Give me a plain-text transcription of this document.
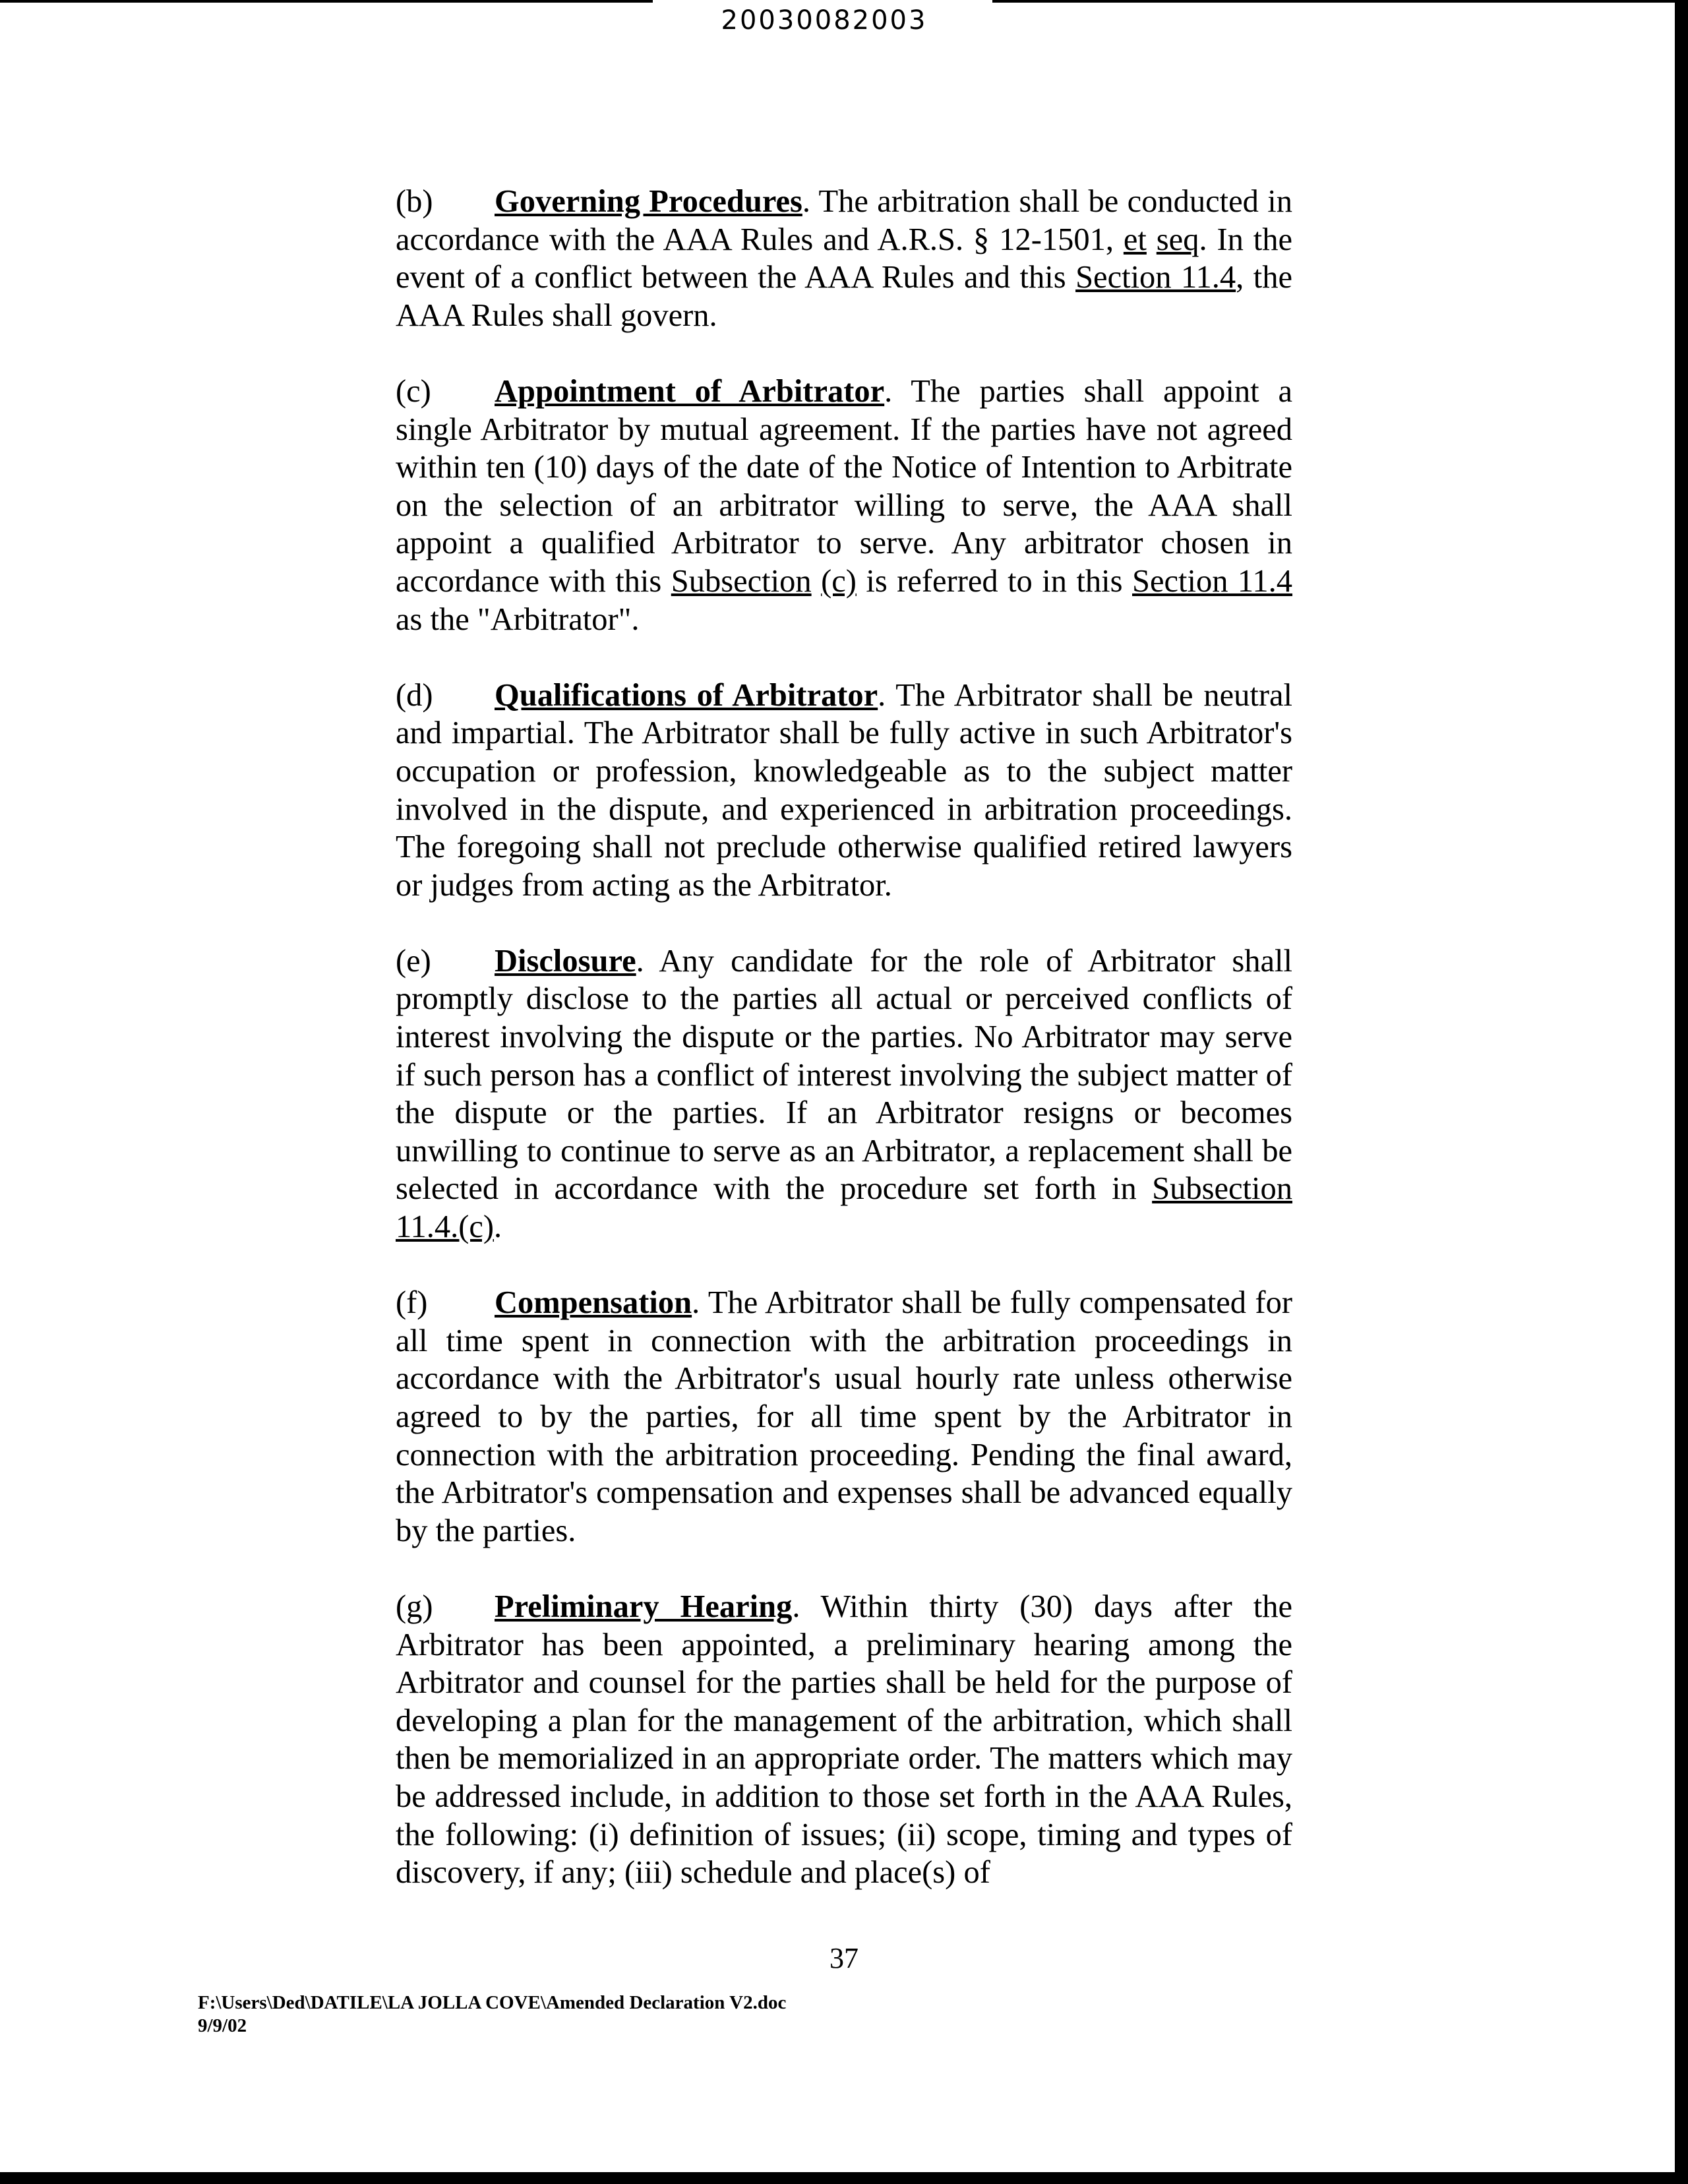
20030082003

(b) Governing Procedures. The arbitration shall be conducted in accordance with the AAA Rules and A.R.S. § 12-1501, et seq. In the event of a conflict between the AAA Rules and this Section 11.4, the AAA Rules shall govern.

(c) Appointment of Arbitrator. The parties shall appoint a single Arbitrator by mutual agreement. If the parties have not agreed within ten (10) days of the date of the Notice of Intention to Arbitrate on the selection of an arbitrator willing to serve, the AAA shall appoint a qualified Arbitrator to serve. Any arbitrator chosen in accordance with this Subsection (c) is referred to in this Section 11.4 as the "Arbitrator".

(d) Qualifications of Arbitrator. The Arbitrator shall be neutral and impartial. The Arbitrator shall be fully active in such Arbitrator's occupation or profession, knowledgeable as to the subject matter involved in the dispute, and experienced in arbitration proceedings. The foregoing shall not preclude otherwise qualified retired lawyers or judges from acting as the Arbitrator.

(e) Disclosure. Any candidate for the role of Arbitrator shall promptly disclose to the parties all actual or perceived conflicts of interest involving the dispute or the parties. No Arbitrator may serve if such person has a conflict of interest involving the subject matter of the dispute or the parties. If an Arbitrator resigns or becomes unwilling to continue to serve as an Arbitrator, a replacement shall be selected in accordance with the procedure set forth in Subsection 11.4.(c).

(f) Compensation. The Arbitrator shall be fully compensated for all time spent in connection with the arbitration proceedings in accordance with the Arbitrator's usual hourly rate unless otherwise agreed to by the parties, for all time spent by the Arbitrator in connection with the arbitration proceeding. Pending the final award, the Arbitrator's compensation and expenses shall be advanced equally by the parties.

(g) Preliminary Hearing. Within thirty (30) days after the Arbitrator has been appointed, a preliminary hearing among the Arbitrator and counsel for the parties shall be held for the purpose of developing a plan for the management of the arbitration, which shall then be memorialized in an appropriate order. The matters which may be addressed include, in addition to those set forth in the AAA Rules, the following: (i) definition of issues; (ii) scope, timing and types of discovery, if any; (iii) schedule and place(s) of

37
F:\Users\Ded\DATILE\LA JOLLA COVE\Amended Declaration V2.doc
9/9/02
